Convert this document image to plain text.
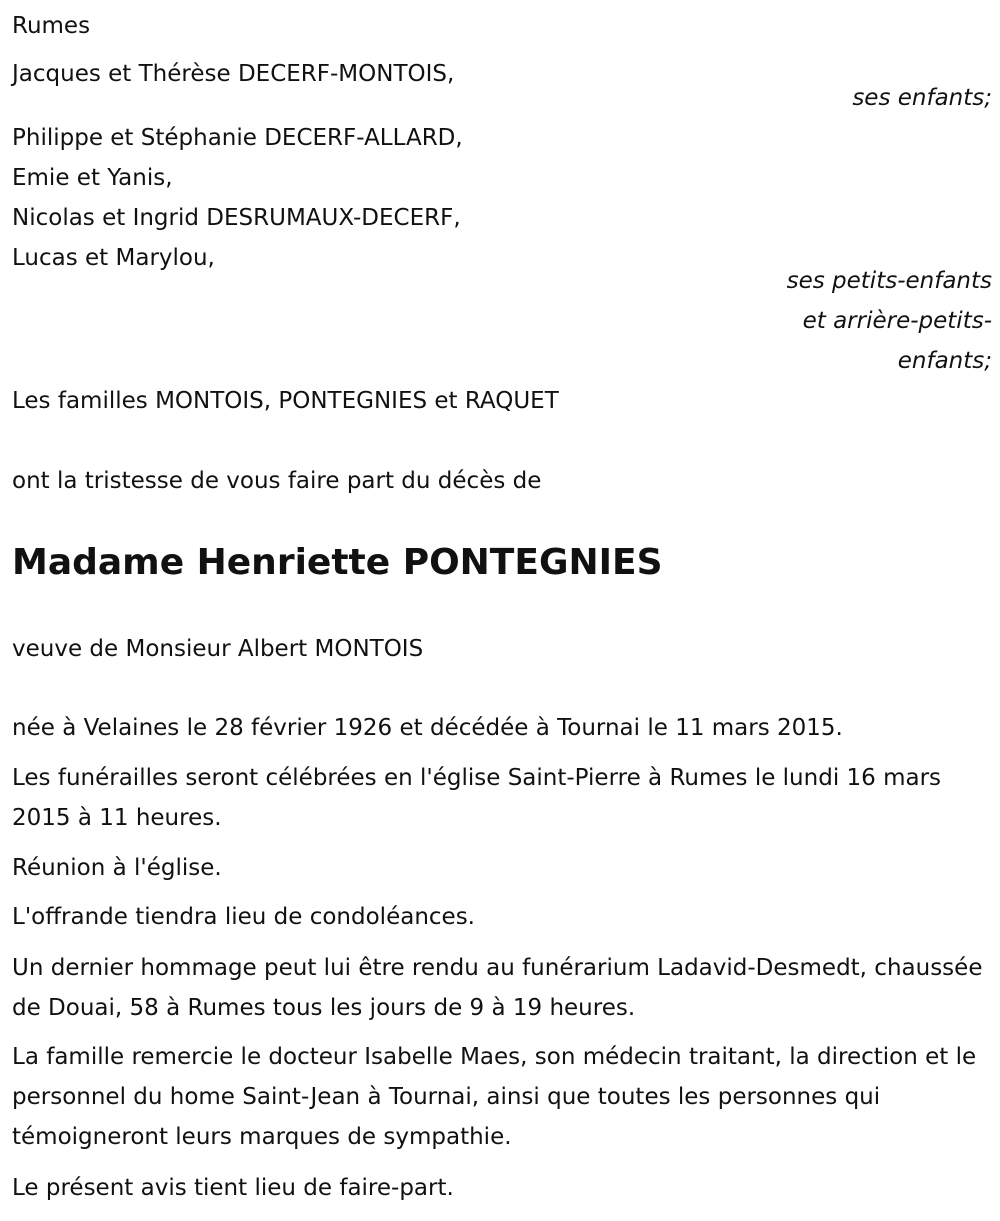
Rumes
Jacques et Thérèse DECERF-MONTOIS,
ses enfants;
Philippe et Stéphanie DECERF-ALLARD,
Emie et Yanis,
Nicolas et Ingrid DESRUMAUX-DECERF,
Lucas et Marylou,
ses petits-enfants
et arrière-petits-
enfants;
Les familles MONTOIS, PONTEGNIES et RAQUET
ont la tristesse de vous faire part du décès de
Madame Henriette PONTEGNIES
veuve de Monsieur Albert MONTOIS
née à Velaines le 28 février 1926 et décédée à Tournai le 11 mars 2015.
Les funérailles seront célébrées en l'église Saint-Pierre à Rumes le lundi 16 mars 2015 à 11 heures.
Réunion à l'église.
L'offrande tiendra lieu de condoléances.
Un dernier hommage peut lui être rendu au funérarium Ladavid-Desmedt, chaussée de Douai, 58 à Rumes tous les jours de 9 à 19 heures.
La famille remercie le docteur Isabelle Maes, son médecin traitant, la direction et le personnel du home Saint-Jean à Tournai, ainsi que toutes les personnes qui témoigneront leurs marques de sympathie.
Le présent avis tient lieu de faire-part.
